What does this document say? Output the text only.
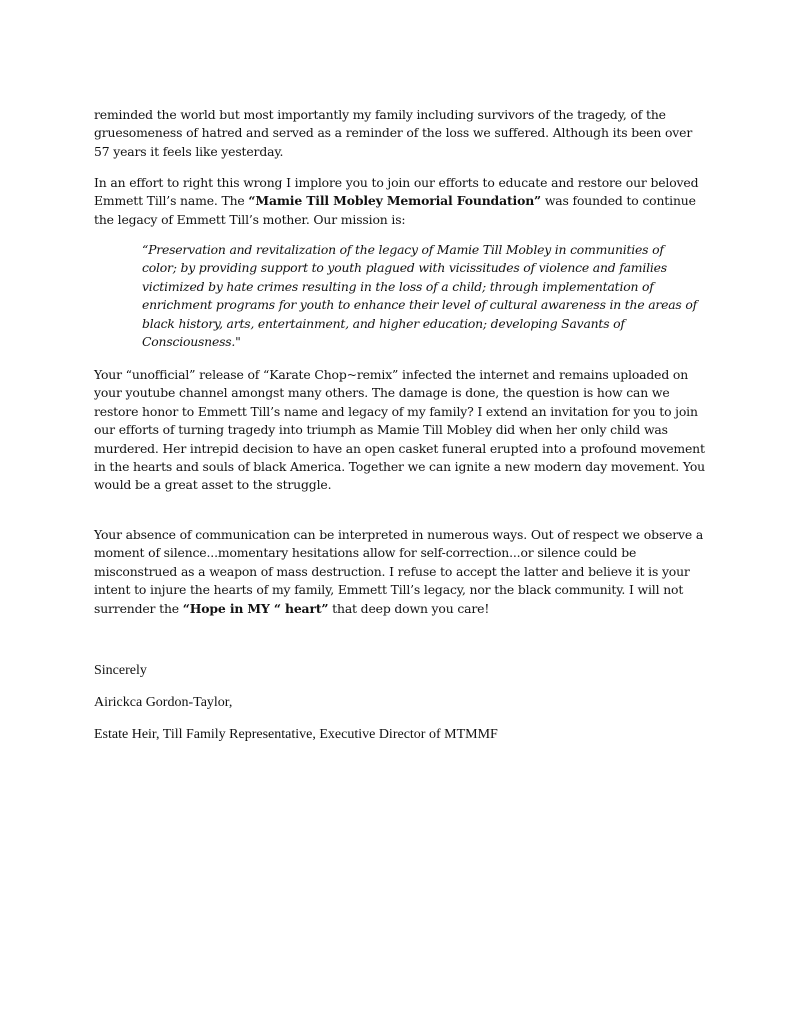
reminded the world but most importantly my family including survivors of the tragedy, of the gruesomeness of hatred and served as a reminder of the loss we suffered. Although its been over 57 years it feels like yesterday.

In an effort to right this wrong I implore you to join our efforts to educate and restore our beloved Emmett Till’s name. The “Mamie Till Mobley Memorial Foundation” was founded to continue the legacy of Emmett Till’s mother. Our mission is:

“Preservation and revitalization of the legacy of Mamie Till Mobley in communities of color; by providing support to youth plagued with vicissitudes of violence and families victimized by hate crimes resulting in the loss of a child; through implementation of enrichment programs for youth to enhance their level of cultural awareness in the areas of black history, arts, entertainment, and higher education; developing Savants of Consciousness."

Your “unofficial” release of “Karate Chop~remix” infected the internet and remains uploaded on your youtube channel amongst many others. The damage is done, the question is how can we restore honor to Emmett Till’s name and legacy of my family? I extend an invitation for you to join our efforts of turning tragedy into triumph as Mamie Till Mobley did when her only child was murdered. Her intrepid decision to have an open casket funeral erupted into a profound movement in the hearts and souls of black America. Together we can ignite a new modern day movement. You would be a great asset to the struggle.

Your absence of communication can be interpreted in numerous ways. Out of respect we observe a moment of silence...momentary hesitations allow for self-correction...or silence could be misconstrued as a weapon of mass destruction. I refuse to accept the latter and believe it is your intent to injure the hearts of my family, Emmett Till’s legacy, nor the black community. I will not surrender the “Hope in MY “ heart” that deep down you care!

Sincerely

Airickca Gordon-Taylor,

Estate Heir, Till Family Representative, Executive Director of MTMMF
